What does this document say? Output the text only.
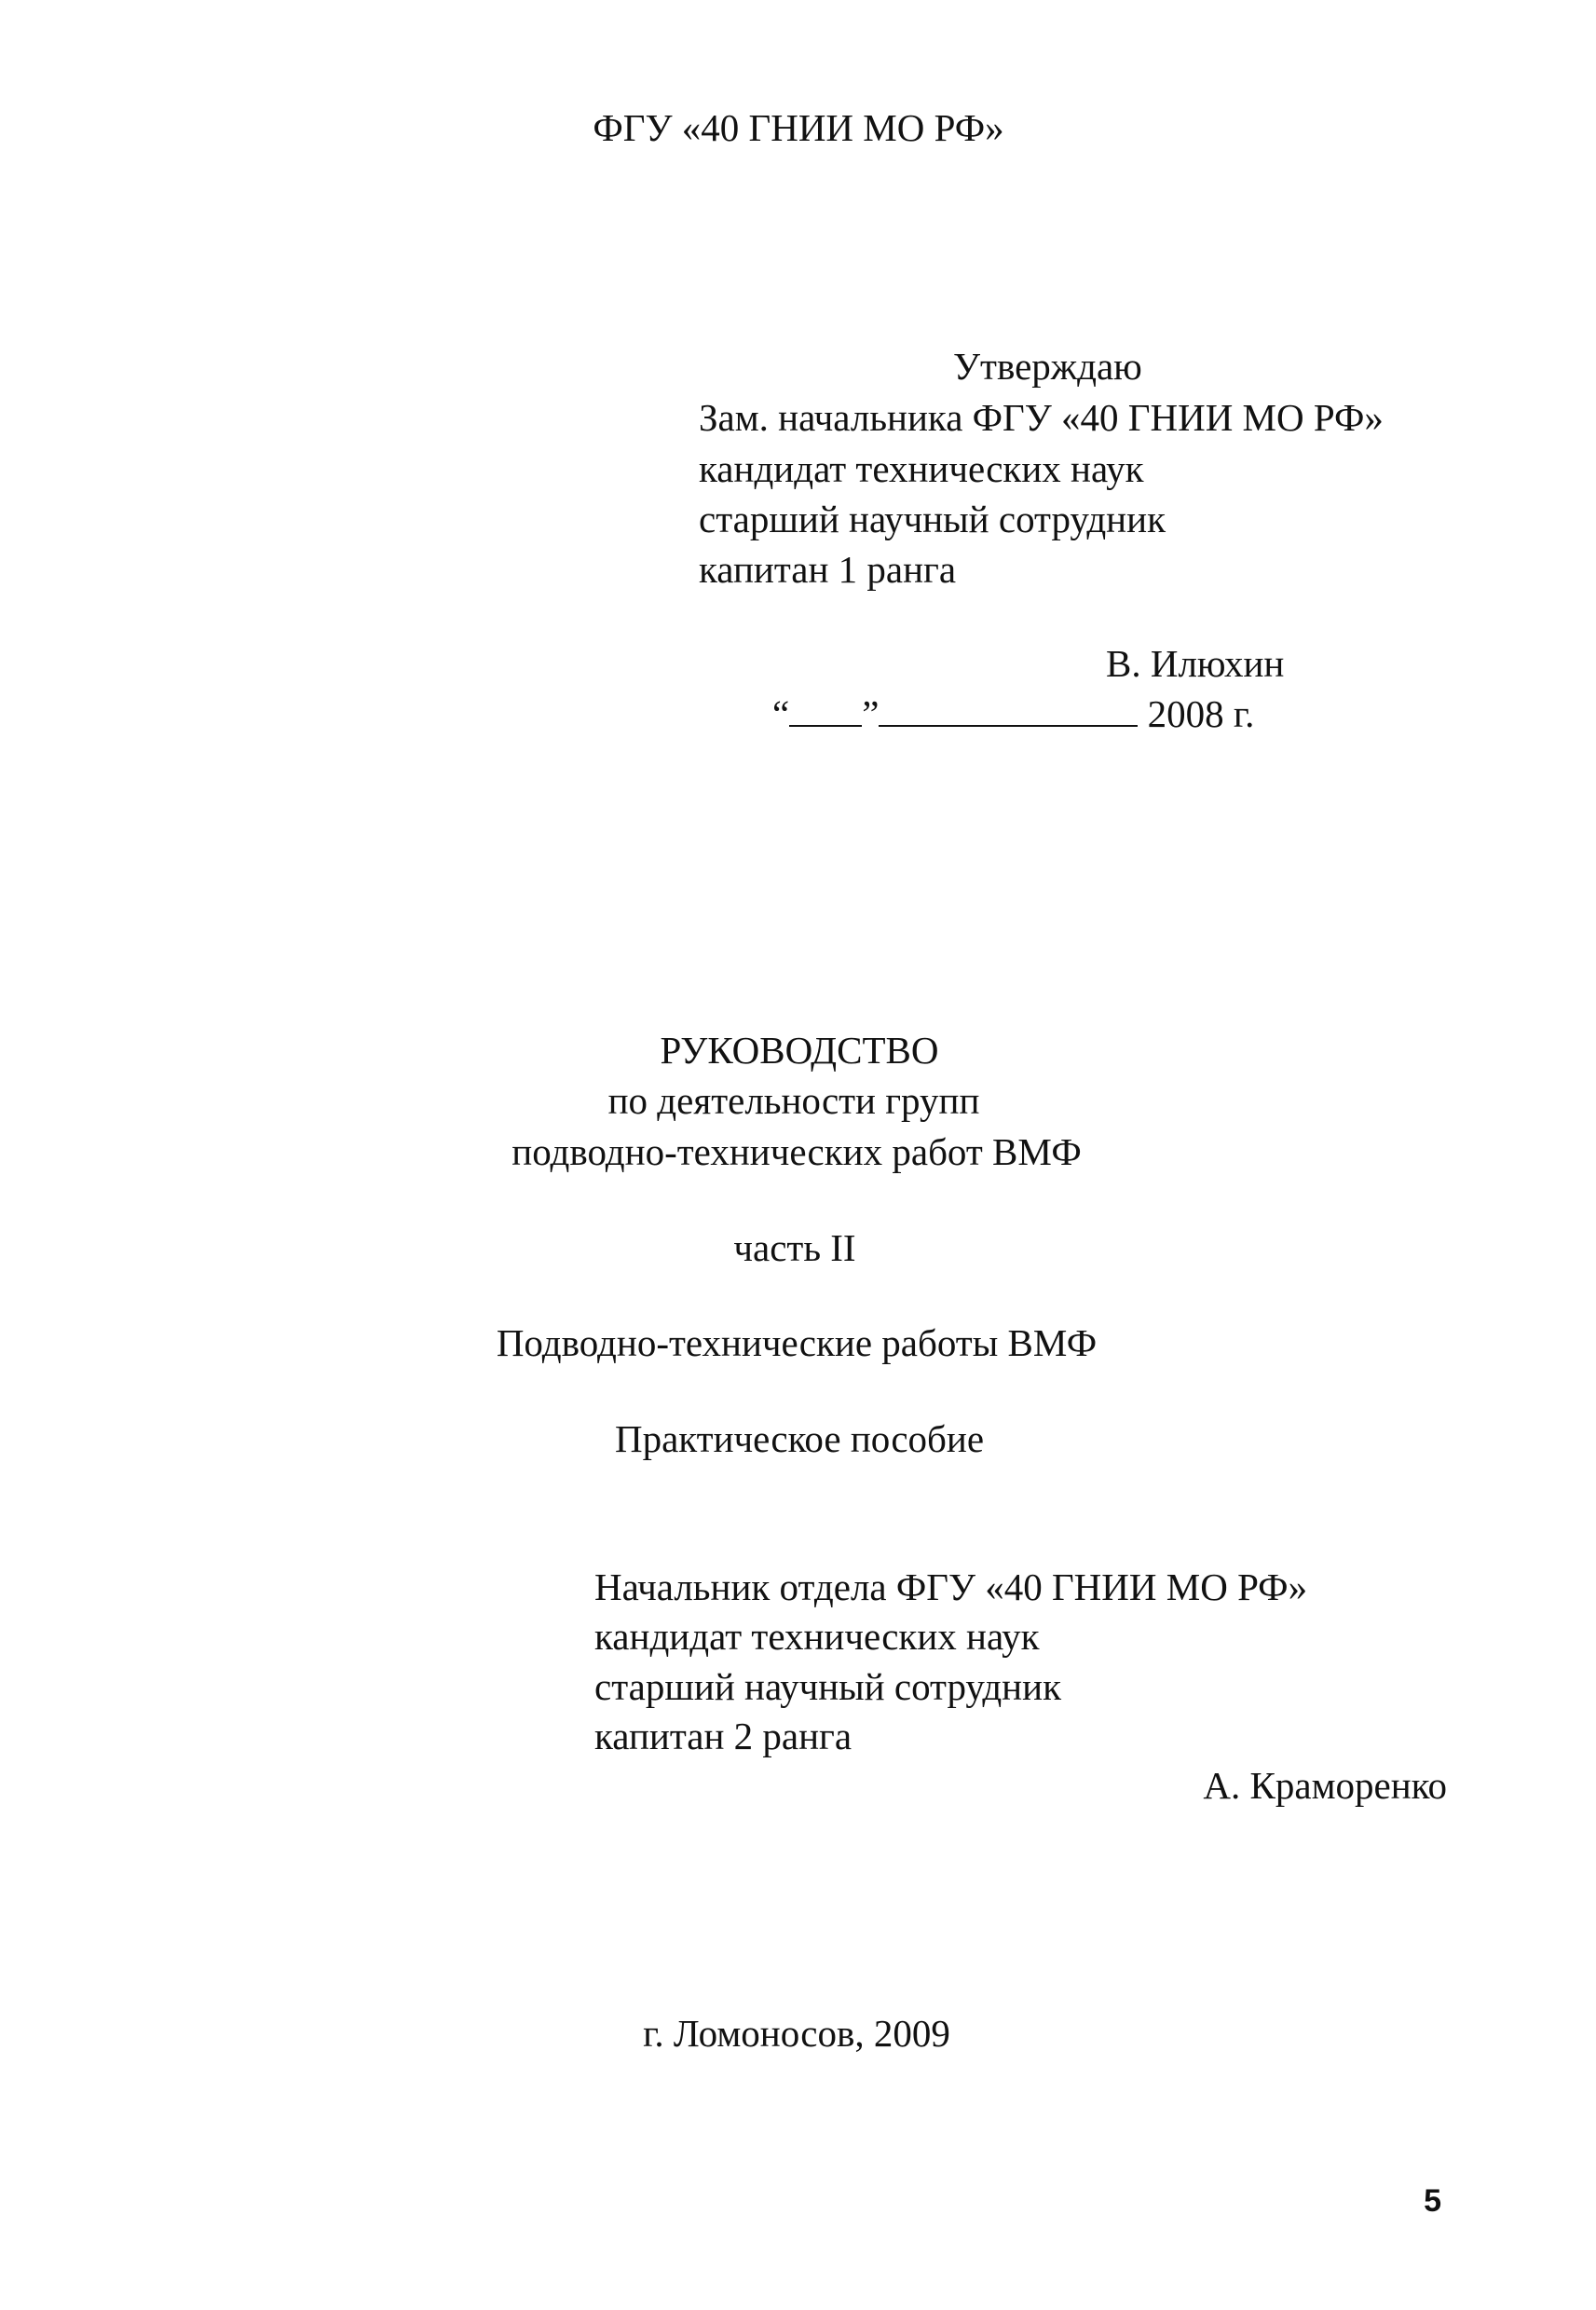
ФГУ «40 ГНИИ МО РФ»
Утверждаю
Зам. начальника ФГУ «40 ГНИИ МО РФ»
кандидат технических наук
старший научный сотрудник
капитан 1 ранга
В. Илюхин
“ ”	2008 г.
РУКОВОДСТВО
по деятельности групп
подводно-технических работ ВМФ
часть II
Подводно-технические работы ВМФ
Практическое пособие
Начальник отдела ФГУ «40 ГНИИ МО РФ»
кандидат технических наук
старший научный сотрудник
капитан 2 ранга
А. Краморенко
г. Ломоносов, 2009
5
